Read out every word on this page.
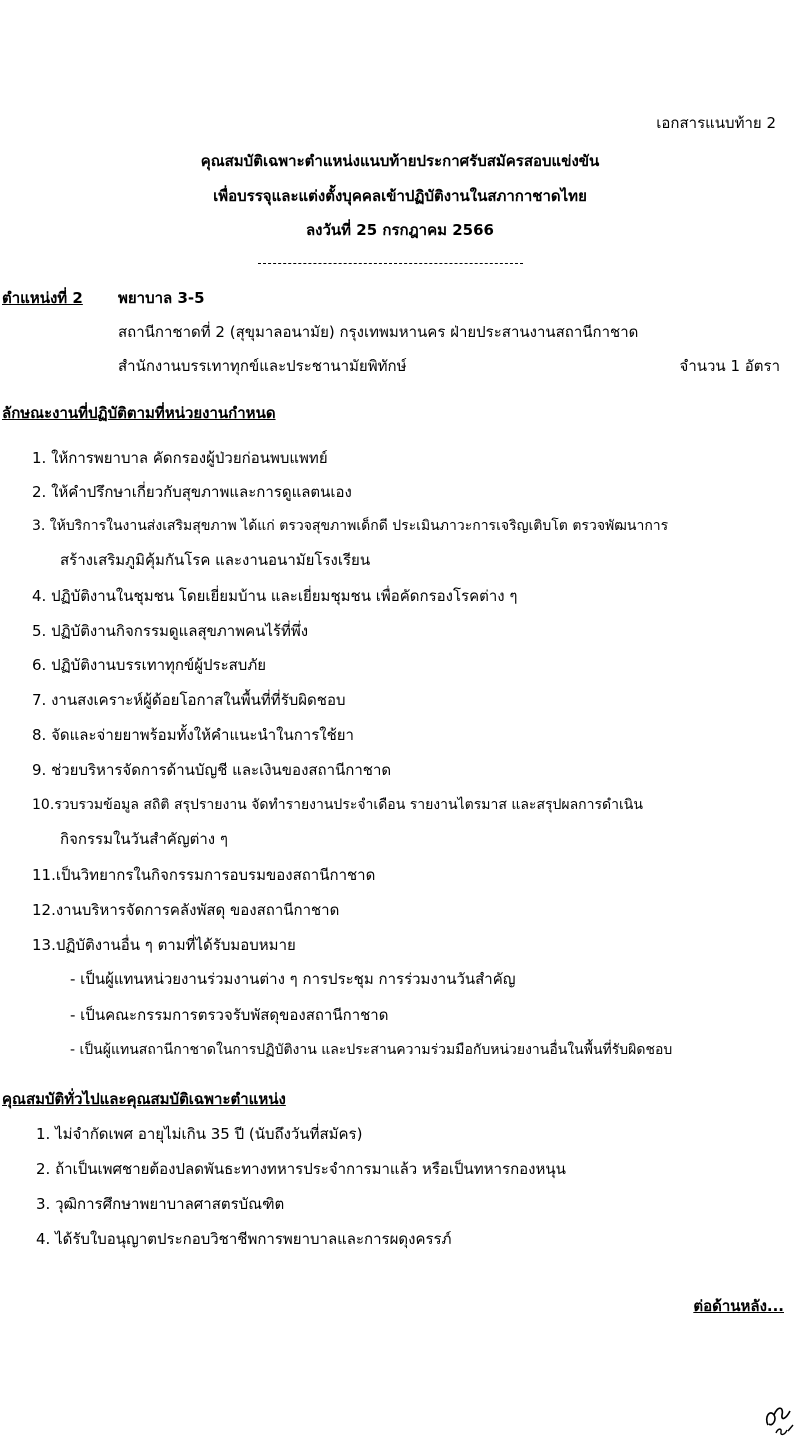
เอกสารแนบท้าย 2
คุณสมบัติเฉพาะตำแหน่งแนบท้ายประกาศรับสมัครสอบแข่งขัน
เพื่อบรรจุและแต่งตั้งบุคคลเข้าปฏิบัติงานในสภากาชาดไทย
ลงวันที่ 25 กรกฎาคม 2566
ตำแหน่งที่ 2 พยาบาล 3-5
สถานีกาชาดที่ 2 (สุขุมาลอนามัย) กรุงเทพมหานคร ฝ่ายประสานงานสถานีกาชาด
สำนักงานบรรเทาทุกข์และประชานามัยพิทักษ์	จำนวน 1 อัตรา
ลักษณะงานที่ปฏิบัติตามที่หน่วยงานกำหนด
1. ให้การพยาบาล คัดกรองผู้ป่วยก่อนพบแพทย์
2. ให้คำปรึกษาเกี่ยวกับสุขภาพและการดูแลตนเอง
3. ให้บริการในงานส่งเสริมสุขภาพ ได้แก่ ตรวจสุขภาพเด็กดี ประเมินภาวะการเจริญเติบโต ตรวจพัฒนาการ
สร้างเสริมภูมิคุ้มกันโรค และงานอนามัยโรงเรียน
4. ปฏิบัติงานในชุมชน โดยเยี่ยมบ้าน และเยี่ยมชุมชน เพื่อคัดกรองโรคต่าง ๆ
5. ปฏิบัติงานกิจกรรมดูแลสุขภาพคนไร้ที่พึ่ง
6. ปฏิบัติงานบรรเทาทุกข์ผู้ประสบภัย
7. งานสงเคราะห์ผู้ด้อยโอกาสในพื้นที่ที่รับผิดชอบ
8. จัดและจ่ายยาพร้อมทั้งให้คำแนะนำในการใช้ยา
9. ช่วยบริหารจัดการด้านบัญชี และเงินของสถานีกาชาด
10.รวบรวมข้อมูล สถิติ สรุปรายงาน จัดทำรายงานประจำเดือน รายงานไตรมาส และสรุปผลการดำเนิน
กิจกรรมในวันสำคัญต่าง ๆ
11.เป็นวิทยากรในกิจกรรมการอบรมของสถานีกาชาด
12.งานบริหารจัดการคลังพัสดุ ของสถานีกาชาด
13.ปฏิบัติงานอื่น ๆ ตามที่ได้รับมอบหมาย
- เป็นผู้แทนหน่วยงานร่วมงานต่าง ๆ การประชุม การร่วมงานวันสำคัญ
- เป็นคณะกรรมการตรวจรับพัสดุของสถานีกาชาด
- เป็นผู้แทนสถานีกาชาดในการปฏิบัติงาน และประสานความร่วมมือกับหน่วยงานอื่นในพื้นที่รับผิดชอบ
คุณสมบัติทั่วไปและคุณสมบัติเฉพาะตำแหน่ง
1. ไม่จำกัดเพศ อายุไม่เกิน 35 ปี (นับถึงวันที่สมัคร)
2. ถ้าเป็นเพศชายต้องปลดพันธะทางทหารประจำการมาแล้ว หรือเป็นทหารกองหนุน
3. วุฒิการศึกษาพยาบาลศาสตรบัณฑิต
4. ได้รับใบอนุญาตประกอบวิชาชีพการพยาบาลและการผดุงครรภ์
ต่อด้านหลัง...
